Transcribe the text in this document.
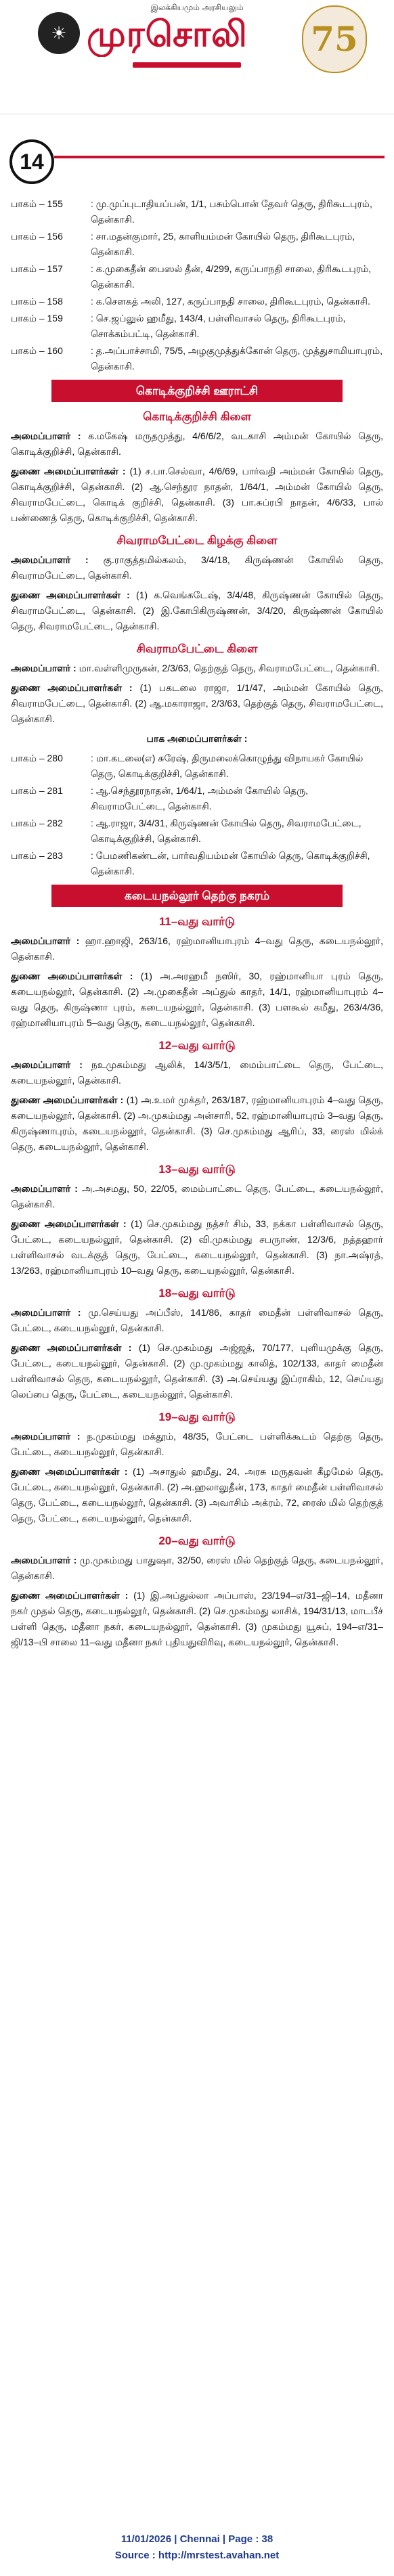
இலக்கியமும் அரசியலும்
☀ முரசொலி	75
14
பாகம் – 155	: மு.முப்புடாதியப்பன், 1/1, பசும்பொன் தேவர் தெரு, திரிகூடபுரம், தென்காசி.
பாகம் – 156	: சா.மதன்குமார், 25, காளியம்மன் கோயில் தெரு, திரிகூடபுரம், தென்காசி.
பாகம் – 157	: க.முகைதீன் பைஸல் தீன், 4/299, கருப்பாநதி சாலை, திரிகூடபுரம், தென்காசி.
பாகம் – 158	: க.செளகத் அலி, 127, கருப்பாநதி சாலை, திரிகூடபுரம், தென்காசி.
பாகம் – 159	: செ.ஜப்லுல் ஹமீது, 143/4, பள்ளிவாசல் தெரு, திரிகூடபுரம், சொக்கம்பட்டி, தென்காசி.
பாகம் – 160	: த.அப்பாச்சாமி, 75/5, அழகுமுத்துக்கோன் தெரு, முத்துசாமியாபுரம், தென்காசி.
கொடிக்குறிச்சி ஊராட்சி
கொடிக்குறிச்சி கிளை

அமைப்பாளர் : க.மகேஷ் மருதமுத்து, 4/6/6/2, வடகாசி அம்மன் கோயில் தெரு, கொடிக்குறிச்சி, தென்காசி.

துணை அமைப்பாளர்கள் : (1) ச.பா.செல்வா, 4/6/69, பார்வதி அம்மன் கோயில் தெரு, கொடிக்குறிச்சி, தென்காசி. (2) ஆ.செந்தூர நாதன், 1/64/1, அம்மன் கோயில் தெரு, சிவராமபேட்டை, கொடிக் குறிச்சி, தென்காசி. (3) பா.சுப்ரபி நாதன், 4/6/33, பால் பண்ணைத் தெரு, கொடிக்குறிச்சி, தென்காசி.

சிவராமபேட்டை கிழக்கு கிளை

அமைப்பாளர் : கு.ராகுத்தமில்கலம், 3/4/18, கிருஷ்ணன் கோயில் தெரு, சிவராமபேட்டை, தென்காசி.

துணை அமைப்பாளர்கள் : (1) க.வெங்கடேஷ், 3/4/48, கிருஷ்ணன் கோயில் தெரு, சிவராமபேட்டை, தென்காசி. (2) இ.கோபிகிருஷ்ணன், 3/4/20, கிருஷ்ணன் கோயில் தெரு, சிவராமபேட்டை, தென்காசி.

சிவராமபேட்டை கிளை

அமைப்பாளர் : மா.வள்ளிமுருகன், 2/3/63, தெற்குத் தெரு, சிவராமபேட்டை, தென்காசி.

துணை அமைப்பாளர்கள் : (1) பகடலை ராஜா, 1/1/47, அம்மன் கோயில் தெரு, சிவராமபேட்டை, தென்காசி. (2) ஆ.மகாராஜா, 2/3/63, தெற்குத் தெரு, சிவராமபேட்டை, தென்காசி.

பாக அமைப்பாளர்கள் :
பாகம் – 280	: மா.கடலை(எ) சுரேஷ், திருமலைக்கொழுந்து விநாயகர் கோயில் தெரு, கொடிக்குறிச்சி, தென்காசி.
பாகம் – 281	: ஆ.செந்தூரநாதன், 1/64/1, அம்மன் கோயில் தெரு, சிவராமபேட்டை, தென்காசி.
பாகம் – 282	: ஆ.ராஜா, 3/4/31, கிருஷ்ணன் கோயில் தெரு, சிவராமபேட்டை, கொடிக்குறிச்சி, தென்காசி.
பாகம் – 283	: பேமணிகண்டன், பார்வதியம்மன் கோயில் தெரு, கொடிக்குறிச்சி, தென்காசி.
கடையநல்லூர் தெற்கு நகரம்
11–வது வார்டு

அமைப்பாளர் : ஹா.ஹாஜி, 263/16, ரஹ்மானியாபுரம் 4–வது தெரு, கடையநல்லூர், தென்காசி.

துணை அமைப்பாளர்கள் : (1) அ.அரஹமீ நஸிர், 30, ரஹ்மானியா புரம் தெரு, கடையநல்லூர், தென்காசி. (2) அ.முகைதீன் அப்துல் காதர், 14/1, ரஹ்மானியாபுரம் 4–வது தெரு, கிருஷ்ணா புரம், கடையநல்லூர், தென்காசி. (3) பளகூல் கமீது, 263/4/36, ரஹ்மானியாபுரம் 5–வது தெரு, கடையநல்லூர், தென்காசி.

12–வது வார்டு

அமைப்பாளர் : நஉமுகம்மது ஆலிக், 14/3/5/1, மைம்பாட்டை தெரு, பேட்டை, கடையநல்லூர், தென்காசி.

துணை அமைப்பாளர்கள் : (1) அ.உமர் முக்தர், 263/187, ரஹ்மானியாபுரம் 4–வது தெரு, கடையநல்லூர், தென்காசி. (2) அ.முகம்மது அன்சாரி, 52, ரஹ்மானியாபுரம் 3–வது தெரு, கிருஷ்ணாபுரம், கடையநல்லூர், தென்காசி. (3) செ.முகம்மது ஆரிப், 33, ரைஸ் மில்க் தெரு, கடையநல்லூர், தென்காசி.

13–வது வார்டு

அமைப்பாளர் : அ.அசமது, 50, 22/05, மைம்பாட்டை தெரு, பேட்டை, கடையநல்லூர், தென்காசி.

துணை அமைப்பாளர்கள் : (1) செ.முகம்மது நத்சர் சிம், 33, நக்கா பள்ளிவாசல் தெரு, பேட்டை, கடையநல்லூர், தென்காசி. (2) வி.முகம்மது சபருாண், 12/3/6, நத்தஹார் பள்ளிவாசல் வடக்குத் தெரு, பேட்டை, கடையநல்லூர், தென்காசி. (3) நா.அஷ்ரத், 13/263, ரஹ்மானியாபுரம் 10–வது தெரு, கடையநல்லூர், தென்காசி.

18–வது வார்டு

அமைப்பாளர் : மு.செய்யது அப்பீஸ், 141/86, காதர் மைதீன் பள்ளிவாசல் தெரு, பேட்டை, கடையநல்லூர், தென்காசி.

துணை அமைப்பாளர்கள் : (1) செ.முகம்மது அஜ்ஜத், 70/177, புளியமுக்கு தெரு, பேட்டை, கடையநல்லூர், தென்காசி. (2) மு.முகம்மது காலித், 102/133, காதர் மைதீன் பள்ளிவாசல் தெரு, கடையநல்லூர், தென்காசி. (3) அ.செய்யது இப்ராகிம், 12, செய்யது லெப்பை தெரு, பேட்டை, கடையநல்லூர், தென்காசி.

19–வது வார்டு

அமைப்பாளர் : ந.முகம்மது மக்தூம், 48/35, பேட்டை பள்ளிக்கூடம் தெற்கு தெரு, பேட்டை, கடையநல்லூர், தென்காசி.

துணை அமைப்பாளர்கள் : (1) அசாதுல் ஹமீது, 24, அரசு மருதவன் கீழமேல் தெரு, பேட்டை, கடையநல்லூர், தென்காசி. (2) அ.ஹலாலுதீன், 173, காதர் மைதீன் பள்ளிவாசல் தெரு, பேட்டை, கடையநல்லூர், தென்காசி. (3) அவாசிம் அக்ரம், 72, ரைஸ் மில் தெற்குத் தெரு, பேட்டை, கடையநல்லூர், தென்காசி.

20–வது வார்டு

அமைப்பாளர் : மு.முகம்மது பாதுஷா, 32/50, ரைஸ் மில் தெற்குத் தெரு, கடையநல்லூர், தென்காசி.

துணை அமைப்பாளர்கள் : (1) இ.அப்துல்லா அப்பாஸ், 23/194–எ/31–ஜி–14, மதீனா நகர் முதல் தெரு, கடையநல்லூர், தென்காசி. (2) செ.முகம்மது லாசிக், 194/31/13, மாடபீச் பள்ளி தெரு, மதீனா நகர், கடையநல்லூர், தென்காசி. (3) முகம்மது யூசுப், 194–எ/31–ஜி/13–பி சாலை 11–வது மதீனா நகர் புதியதுவிரிவு, கடையநல்லூர், தென்காசி.

11/01/2026 | Chennai | Page : 38
Source : http://mrstest.avahan.net
